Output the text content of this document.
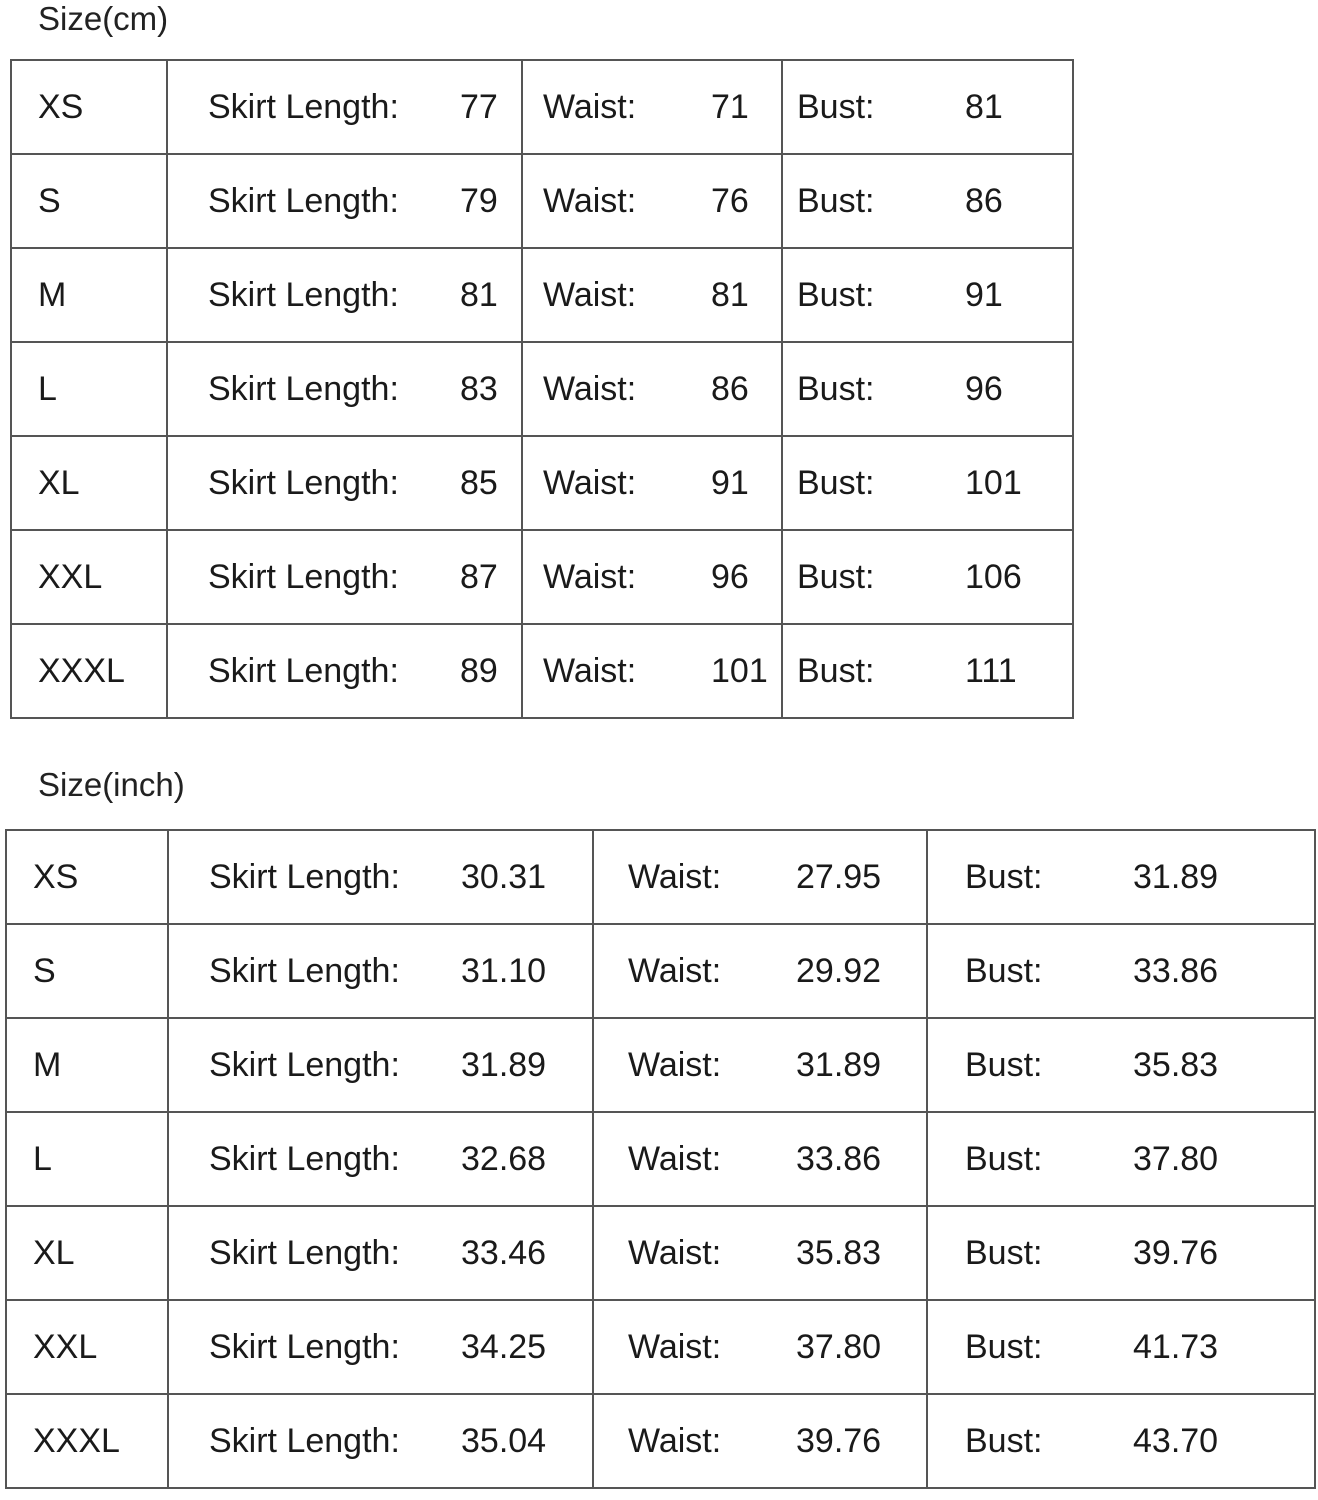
Size(cm)
XS	Skirt Length: 77	Waist: 71	Bust: 81

S	Skirt Length: 79	Waist: 76	Bust: 86

M	Skirt Length: 81	Waist: 81	Bust: 91

L	Skirt Length: 83	Waist: 86	Bust: 96

XL	Skirt Length: 85	Waist: 91	Bust: 101

XXL	Skirt Length: 87	Waist: 96	Bust: 106

XXXL	Skirt Length: 89	Waist: 101	Bust: 111
Size(inch)
XS	Skirt Length: 30.31	Waist: 27.95	Bust: 31.89

S	Skirt Length: 31.10	Waist: 29.92	Bust: 33.86

M	Skirt Length: 31.89	Waist: 31.89	Bust: 35.83

L	Skirt Length: 32.68	Waist: 33.86	Bust: 37.80

XL	Skirt Length: 33.46	Waist: 35.83	Bust: 39.76

XXL	Skirt Length: 34.25	Waist: 37.80	Bust: 41.73

XXXL	Skirt Length: 35.04	Waist: 39.76	Bust: 43.70
